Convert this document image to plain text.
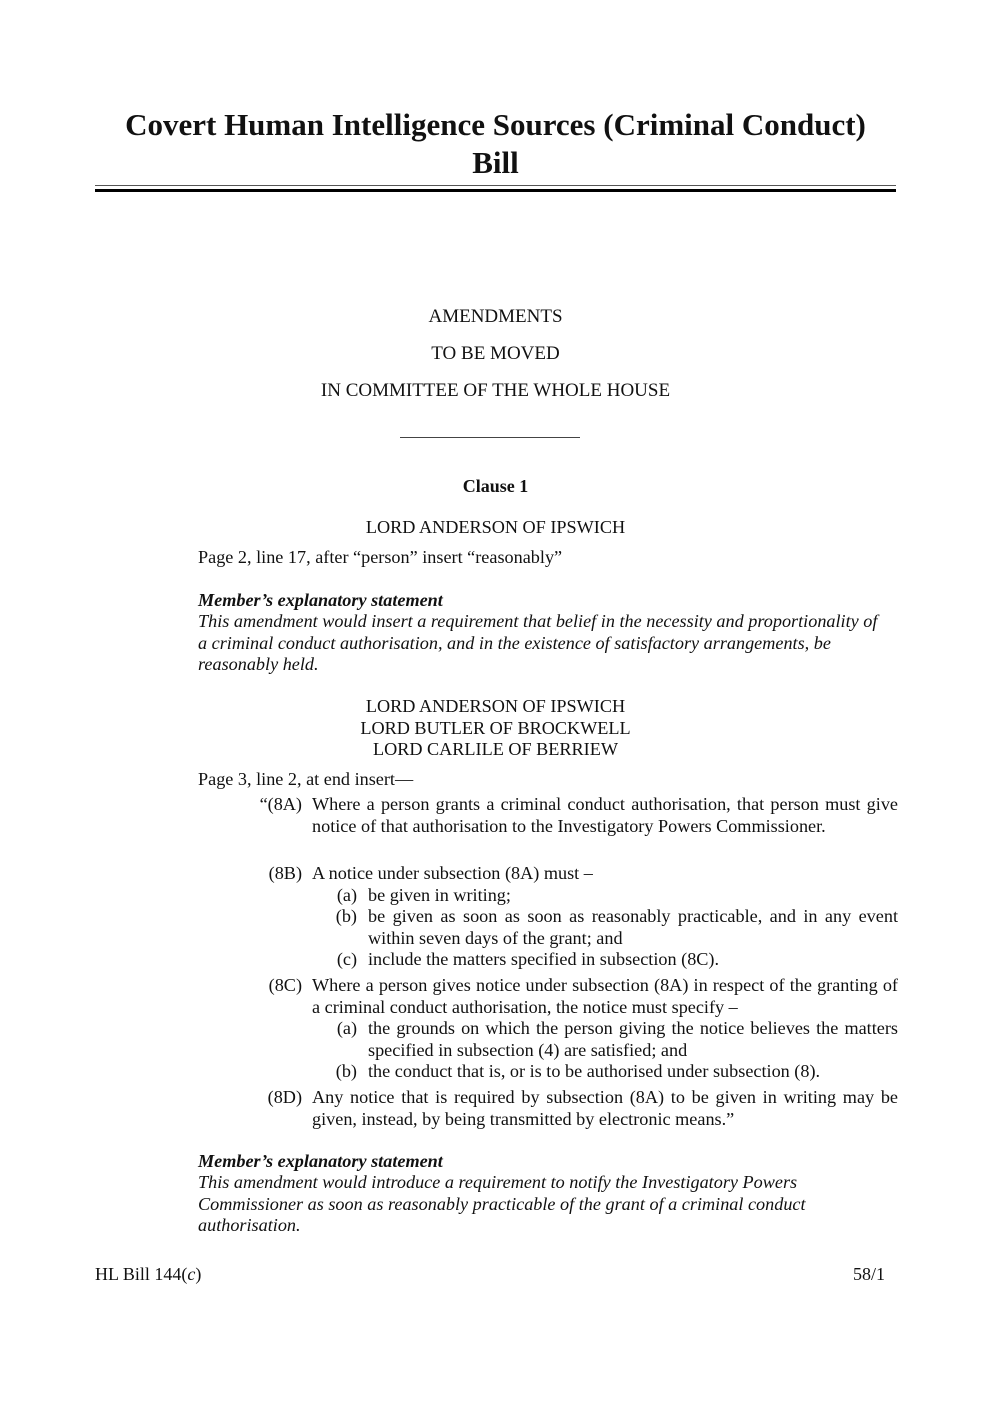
Covert Human Intelligence Sources (Criminal Conduct)
Bill
AMENDMENTS
TO BE MOVED
IN COMMITTEE OF THE WHOLE HOUSE
Clause 1
LORD ANDERSON OF IPSWICH
Page 2, line 17, after “person” insert “reasonably”
Member’s explanatory statement
This amendment would insert a requirement that belief in the necessity and proportionality of
a criminal conduct authorisation, and in the existence of satisfactory arrangements, be
reasonably held.
LORD ANDERSON OF IPSWICH
LORD BUTLER OF BROCKWELL
LORD CARLILE OF BERRIEW
Page 3, line 2, at end insert—
“(8A) Where a person grants a criminal conduct authorisation, that person must give notice of that authorisation to the Investigatory Powers Commissioner.
(8B) A notice under subsection (8A) must –
(a) be given in writing;
(b) be given as soon as soon as reasonably practicable, and in any event within seven days of the grant; and
(c) include the matters specified in subsection (8C).
(8C) Where a person gives notice under subsection (8A) in respect of the granting of a criminal conduct authorisation, the notice must specify –
(a) the grounds on which the person giving the notice believes the matters specified in subsection (4) are satisfied; and
(b) the conduct that is, or is to be authorised under subsection (8).
(8D) Any notice that is required by subsection (8A) to be given in writing may be given, instead, by being transmitted by electronic means.”
Member’s explanatory statement
This amendment would introduce a requirement to notify the Investigatory Powers
Commissioner as soon as reasonably practicable of the grant of a criminal conduct
authorisation.
HL Bill 144(c)	58/1
